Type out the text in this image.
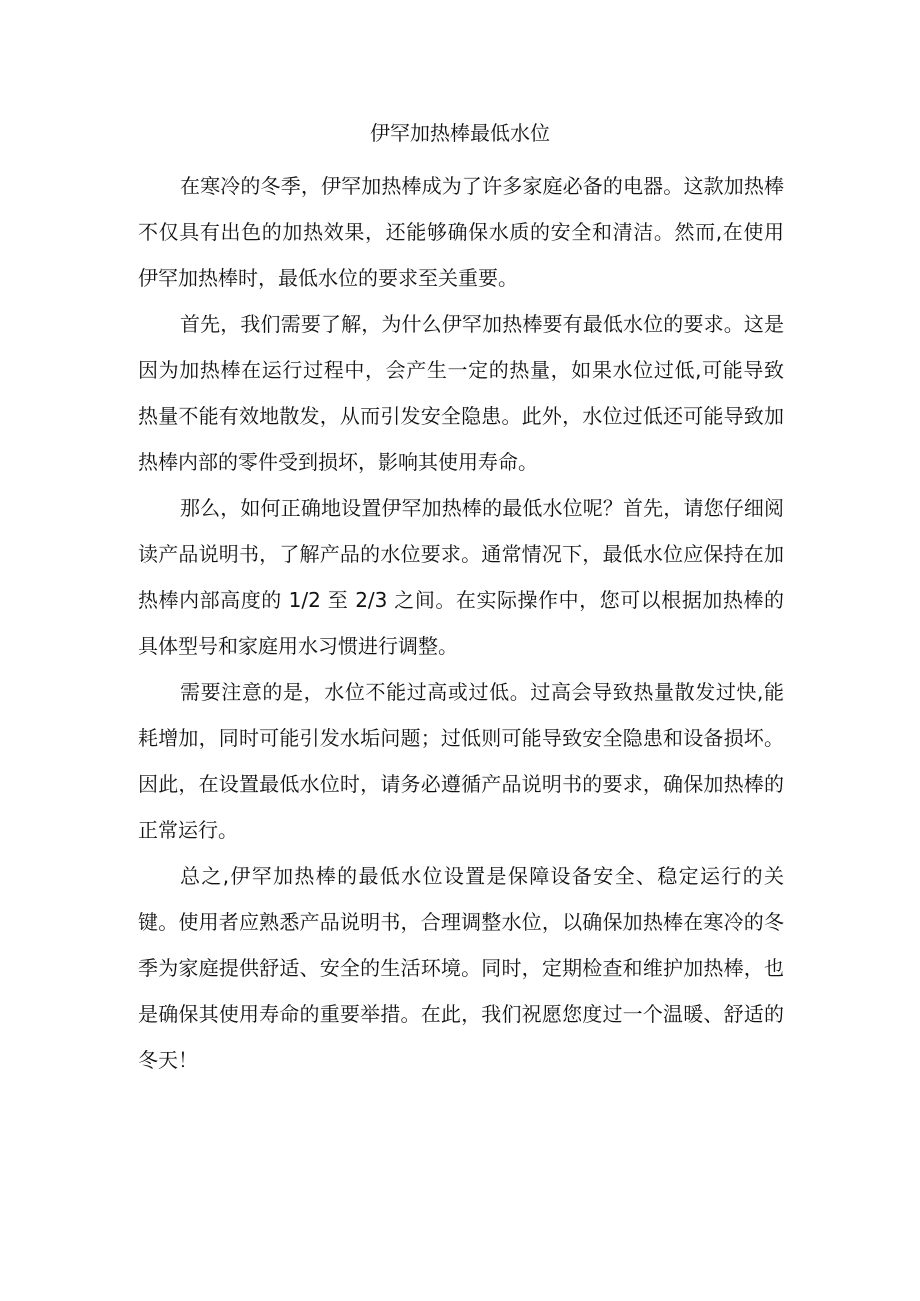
伊罕加热棒最低水位

在寒冷的冬季，伊罕加热棒成为了许多家庭必备的电器。这款加热棒不仅具有出色的加热效果，还能够确保水质的安全和清洁。然而,在使用伊罕加热棒时，最低水位的要求至关重要。

首先，我们需要了解，为什么伊罕加热棒要有最低水位的要求。这是因为加热棒在运行过程中，会产生一定的热量，如果水位过低,可能导致热量不能有效地散发，从而引发安全隐患。此外，水位过低还可能导致加热棒内部的零件受到损坏，影响其使用寿命。

那么，如何正确地设置伊罕加热棒的最低水位呢？首先，请您仔细阅读产品说明书，了解产品的水位要求。通常情况下，最低水位应保持在加热棒内部高度的 1/2 至 2/3 之间。在实际操作中，您可以根据加热棒的具体型号和家庭用水习惯进行调整。

需要注意的是，水位不能过高或过低。过高会导致热量散发过快,能耗增加，同时可能引发水垢问题；过低则可能导致安全隐患和设备损坏。因此，在设置最低水位时，请务必遵循产品说明书的要求，确保加热棒的正常运行。

总之,伊罕加热棒的最低水位设置是保障设备安全、稳定运行的关键。使用者应熟悉产品说明书，合理调整水位，以确保加热棒在寒冷的冬季为家庭提供舒适、安全的生活环境。同时，定期检查和维护加热棒，也是确保其使用寿命的重要举措。在此，我们祝愿您度过一个温暖、舒适的冬天！
